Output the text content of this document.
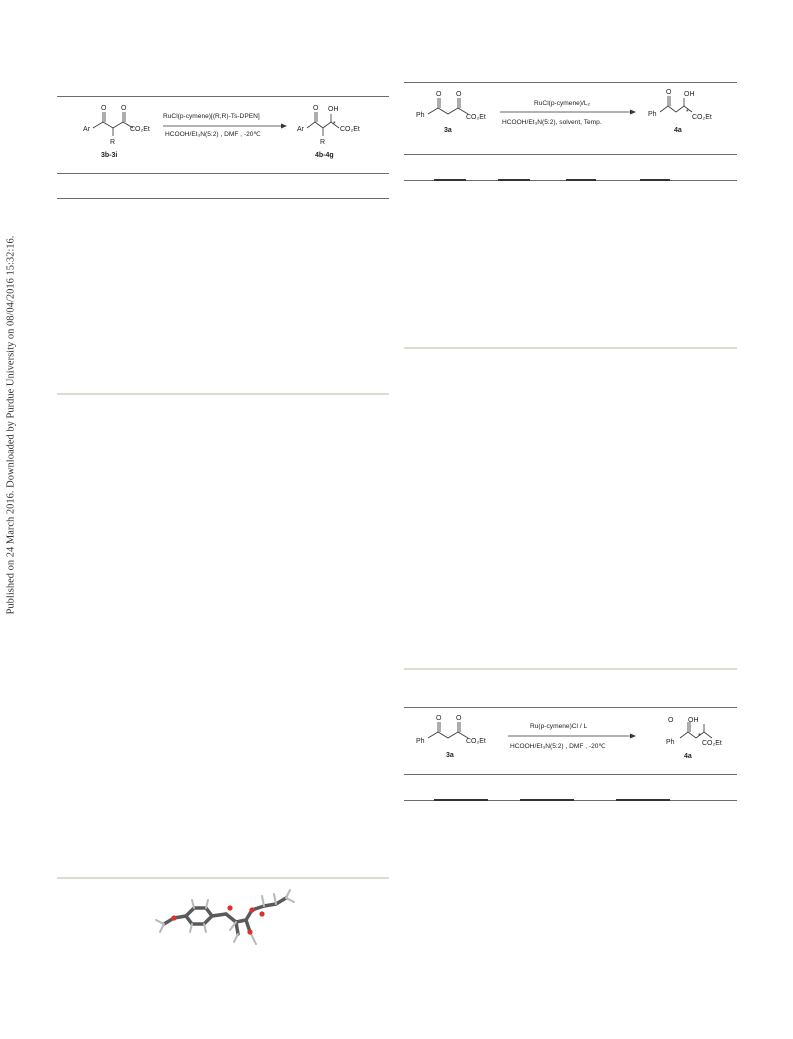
Published on 24 March 2016. Downloaded by Purdue University on 08/04/2016 15:32:16.
Ar
O O
R
CO₂Et
3b-3i
RuCl(p-cymene)[(R,R)-Ts-DPEN]
HCOOH/Et₃N(5:2) , DMF , -20℃
Ar
O OH
*
R
CO₂Et
4b-4g
Ph
O O
CO₂Et
3a
RuCl(p-cymene)/L₂
HCOOH/Et₃N(5:2), solvent, Temp.
Ph
O OH
*
CO₂Et
4a
Ph
O O
CO₂Et
3a
Ru(p-cymene)Cl / L
HCOOH/Et₃N(5:2) , DMF , -20℃
Ph
O OH
*
CO₂Et
4a
